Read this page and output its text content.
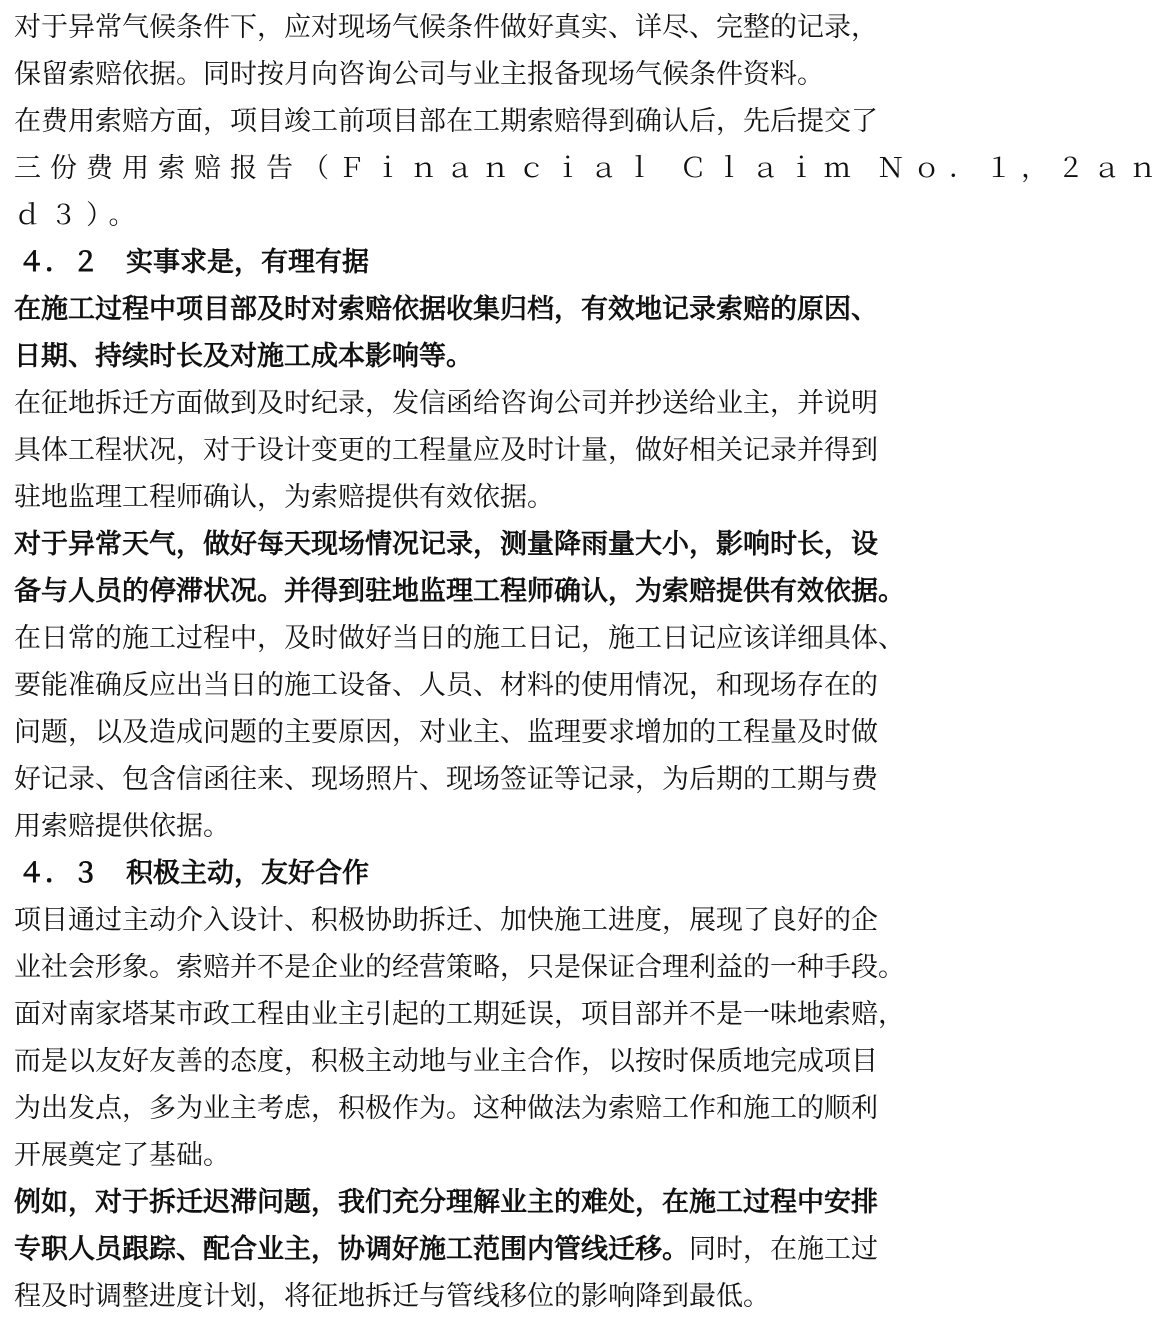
对于异常气候条件下，应对现场气候条件做好真实、详尽、完整的记录，

保留索赔依据。同时按月向咨询公司与业主报备现场气候条件资料。

在费用索赔方面，项目竣工前项目部在工期索赔得到确认后，先后提交了

三份费用索赔报告（Ｆｉｎａｎｃｉａｌ Ｃｌａｉｍ Ｎｏ．１，２ａｎ

ｄ３）。

４．２　实事求是，有理有据

在施工过程中项目部及时对索赔依据收集归档，有效地记录索赔的原因、

日期、持续时长及对施工成本影响等。

在征地拆迁方面做到及时纪录，发信函给咨询公司并抄送给业主，并说明

具体工程状况，对于设计变更的工程量应及时计量，做好相关记录并得到

驻地监理工程师确认，为索赔提供有效依据。

对于异常天气，做好每天现场情况记录，测量降雨量大小，影响时长，设

备与人员的停滞状况。并得到驻地监理工程师确认，为索赔提供有效依据。

在日常的施工过程中，及时做好当日的施工日记，施工日记应该详细具体、

要能准确反应出当日的施工设备、人员、材料的使用情况，和现场存在的

问题，以及造成问题的主要原因，对业主、监理要求增加的工程量及时做

好记录、包含信函往来、现场照片、现场签证等记录，为后期的工期与费

用索赔提供依据。

４．３　积极主动，友好合作

项目通过主动介入设计、积极协助拆迁、加快施工进度，展现了良好的企

业社会形象。索赔并不是企业的经营策略，只是保证合理利益的一种手段。

面对南家塔某市政工程由业主引起的工期延误，项目部并不是一味地索赔，

而是以友好友善的态度，积极主动地与业主合作，以按时保质地完成项目

为出发点，多为业主考虑，积极作为。这种做法为索赔工作和施工的顺利

开展奠定了基础。

例如，对于拆迁迟滞问题，我们充分理解业主的难处，在施工过程中安排

专职人员跟踪、配合业主，协调好施工范围内管线迁移。同时，在施工过

程及时调整进度计划，将征地拆迁与管线移位的影响降到最低。
